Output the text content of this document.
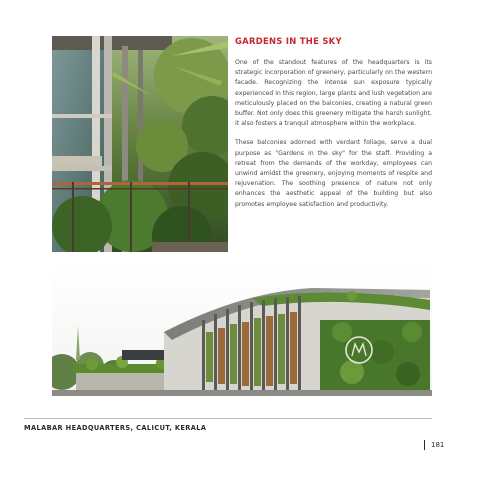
GARDENS IN THE SKY

One of the standout features of the headquarters is its strategic incorporation of greenery, particularly on the western facade. Recognizing the intense sun exposure typically experienced in this region, large plants and lush vegetation are meticulously placed on the balconies, creating a natural green buffer. Not only does this greenery mitigate the harsh sunlight, it also fosters a tranquil atmosphere within the workplace.

These balconies adorned with verdant foliage, serve a dual purpose as "Gardens in the sky" for the staff. Providing a retreat from the demands of the workday, employees can unwind amidst the greenery, enjoying moments of respite and rejuvenation. The soothing presence of nature not only enhances the aesthetic appeal of the building but also promotes employee satisfaction and productivity.

MALABAR HEADQUARTERS, CALICUT, KERALA

181
